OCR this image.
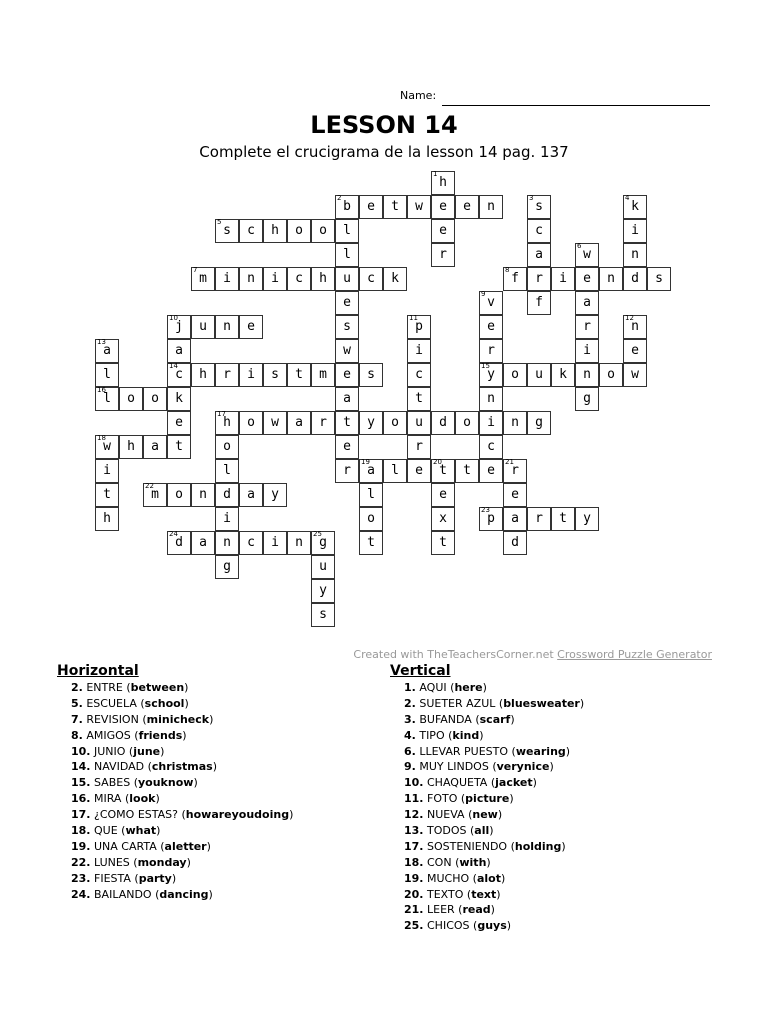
Name:
LESSON 14
Complete el crucigrama de la lesson 14 pag. 137
h
1
r
e
b
2
e	t	w	e	e	n
l
u
e
s
w
e
a
t
e
r
s
3
c
a
r
f
k
4
i
n
d
s
5
c	h	o	o	l
w
6
e
a
r
i
n
g
m
7
i	n	i	c	h	c	k	f
8
i	n	s
v
9
e
r
y
15
n
i
c
e
j
10
u	n	e
a
c
14
k
e
t
p
11
i
c
t
u
r
e
n
12
e
w
a
13
l
l
16
h	r	i	s	t	m	s	o	u	k	o
o	o
h
17
o	w	a	r	y	o	d	o	n	g
o
l
d
i
n
g
w
18
h	a
i
t
h
a
19
l	t
20
t	r
21
l
o
t
e
x
t
e
a
d
m
22
o	n	a	y
p
23
r	t	y
d
24
a	c	i	n	g
25
u
y
s
Created with TheTeachersCorner.net Crossword Puzzle Generator
Horizontal
2. ENTRE (between)
5. ESCUELA (school)
7. REVISION (minicheck)
8. AMIGOS (friends)
10. JUNIO (june)
14. NAVIDAD (christmas)
15. SABES (youknow)
16. MIRA (look)
17. ¿COMO ESTAS? (howareyoudoing)
18. QUE (what)
19. UNA CARTA (aletter)
22. LUNES (monday)
23. FIESTA (party)
24. BAILANDO (dancing)
Vertical
1. AQUI (here)
2. SUETER AZUL (bluesweater)
3. BUFANDA (scarf)
4. TIPO (kind)
6. LLEVAR PUESTO (wearing)
9. MUY LINDOS (verynice)
10. CHAQUETA (jacket)
11. FOTO (picture)
12. NUEVA (new)
13. TODOS (all)
17. SOSTENIENDO (holding)
18. CON (with)
19. MUCHO (alot)
20. TEXTO (text)
21. LEER (read)
25. CHICOS (guys)
